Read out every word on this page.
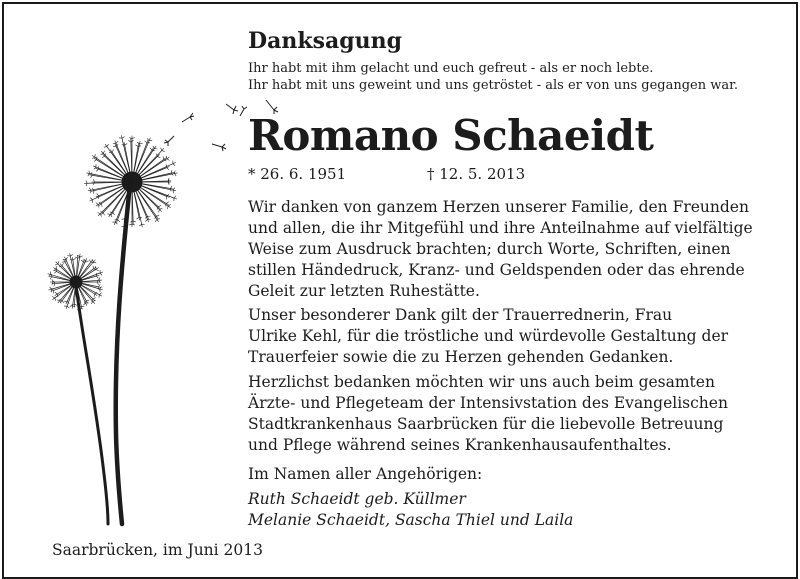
Danksagung
Ihr habt mit ihm gelacht und euch gefreut - als er noch lebte.
Ihr habt mit uns geweint und uns getröstet - als er von uns gegangen war.
Romano Schaeidt
* 26. 6. 1951	† 12. 5. 2013
Wir danken von ganzem Herzen unserer Familie, den Freunden
und allen, die ihr Mitgefühl und ihre Anteilnahme auf vielfältige
Weise zum Ausdruck brachten; durch Worte, Schriften, einen
stillen Händedruck, Kranz- und Geldspenden oder das ehrende
Geleit zur letzten Ruhestätte.
Unser besonderer Dank gilt der Trauerrednerin, Frau
Ulrike Kehl, für die tröstliche und würdevolle Gestaltung der
Trauerfeier sowie die zu Herzen gehenden Gedanken.
Herzlichst bedanken möchten wir uns auch beim gesamten
Ärzte- und Pflegeteam der Intensivstation des Evangelischen
Stadtkrankenhaus Saarbrücken für die liebevolle Betreuung
und Pflege während seines Krankenhausaufenthaltes.
Im Namen aller Angehörigen:
Ruth Schaeidt geb. Küllmer
Melanie Schaeidt, Sascha Thiel und Laila
Saarbrücken, im Juni 2013
